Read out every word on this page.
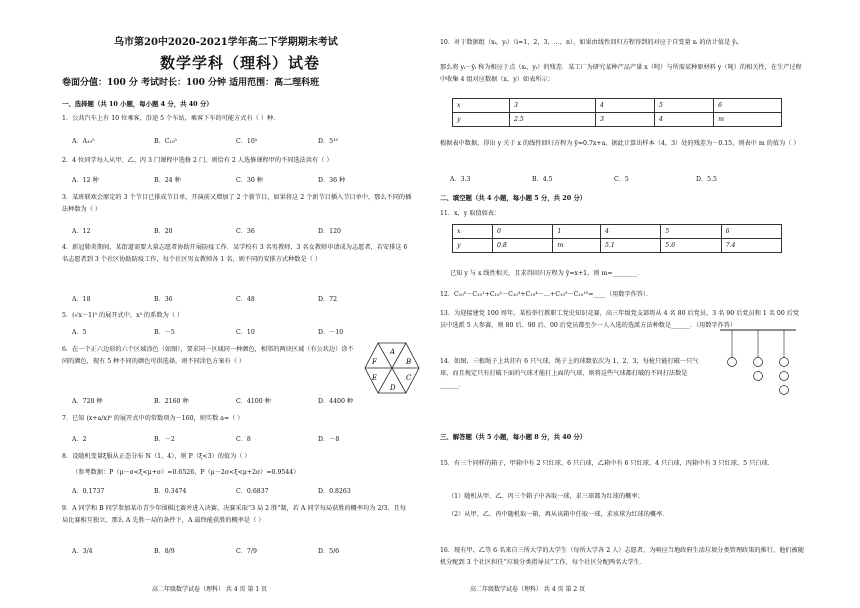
乌市第20中2020-2021学年高二下学期期末考试
数学学科（理科）试卷
卷面分值：100 分 考试时长：100 分钟 适用范围：高二理科班
一、选择题（共 10 小题，每小题 4 分，共 40 分）
1．公共汽车上有 10 位乘客，沿途 5 个车站，乘客下车的可能方式有（ ）种．
A．A₁₀⁵	B．C₁₀⁵	C．10⁵	D．5¹⁰
2．4 位同学每人从甲、乙、丙 3 门课程中选修 2 门，则恰有 2 人选修课程甲的不同选法共有（ ）
A．12 种	B．24 种	C．30 种	D．36 种
3．某班联欢会原定的 3 个节目已排成节目单，开演前又增加了 2 个新节目，如果将这 2 个新节目插入节目单中，那么不同的插法种数为（ ）
A．12	B．20	C．36	D．120
4．新冠肺炎期间，某街道需要大量志愿者协助开展防疫工作．某学校有 3 名男教师，3 名女教师申请成为志愿者，若安排这 6 名志愿者到 3 个社区协助防疫工作，每个社区男女教师各 1 名，则不同的安排方式种数是（ ）
A．18	B．36	C．48	D．72
5．(√x－1)⁵ 的展开式中，x² 的系数为（ ）
A．5	B．－5	C．10	D．－10
6．在一个正六边形的六个区域涂色（如图），要求同一区域同一种颜色，相邻的两块区域（有公共边）涂不同的颜色，现有 5 种不同的颜色可供选择，则不同涂色方案有（ ）
A
B
C
D
E
F
A．720 种	B．2160 种	C．4100 种	D．4400 种
7．已知 (x+a/x)⁶ 的展开式中的常数项为－160，则实数 a=（ ）
A．2	B．－2	C．8	D．－8
8．设随机变量ξ服从正态分布 N（1，4），则 P（ξ<3）的值为（ ）
（参考数据：P（μ－σ<ξ<μ+σ）=0.6526，P（μ－2σ<ξ<μ+2σ）=0.9544）
A．0.1737	B．0.3474	C．0.6837	D．0.8263
9．A 同学和 B 同学参加某市青少年围棋比赛并进入决赛，决赛采取“3 局 2 胜”制，若 A 同学每局获胜的概率均为 2/3，且每局比赛相互独立，那么 A 先胜一局的条件下，A 最终能获胜的概率是（ ）
A．3/4	B．8/9	C．7/9	D．5/6
高二年级数学试卷（理科） 共 4 页 第 1 页
10．对于数据组（xᵢ，yᵢ）（i=1，2，3，…，n），如果由线性回归方程得到的对应于自变量 xᵢ 的估计值是 ŷᵢ，
那么将 yᵢ－ŷᵢ 称为相应于点（xᵢ，yᵢ）的残差．某工厂为研究某种产品产量 x（吨）与所需某种原材料 y（吨）的相关性，在生产过程中收集 4 组对应数据（x，y）如表所示：
x	3	4	5	6
y	2.5	3	4	m
根据表中数据，得出 y 关于 x 的线性回归方程为 ŷ=0.7x+a，据此计算出样本（4，3）处的残差为－0.15，则表中 m 的值为（ ）
A．3.3	B．4.5	C．5	D．5.5
二、填空题（共 4 小题，每小题 5 分，共 20 分）
11．x，y 取值如表：
x	0	1	4	5	6
y	0.8	m	5.1	5.6	7.4
已知 y 与 x 线性相关，且求得回归方程为 ŷ=x+1，则 m=________．
12．C₁₀⁰－C₁₀¹+C₁₀²－C₁₀³+C₁₀⁴－…+C₁₀⁹－C₁₀¹⁰=____（用数字作答）．
13．为迎接建党 100 周年，某校举行教职工党史知识竞赛，高三年级党支部将从 4 名 80 后党员、3 名 90 后党员和 1 名 00 后党员中选派 5 人参赛，则 80 后、90 后、00 后党员都至少一人入选的选派方法种数是______．（用数字作答）
14．如图，三根绳子上共挂有 6 只气球，绳子上的球数依次为 1，2，3，每枪只能打破一只气球，而且规定只有打破下面的气球才能打上面的气球，则将这些气球都打破的不同打法数是______．
三、解答题（共 5 小题，每小题 8 分，共 40 分）
15．有三个同样的箱子，甲箱中有 2 只红球、6 只白球，乙箱中有 6 只红球、4 只白球，丙箱中有 3 只红球、5 只白球．
（1）随机从甲、乙、丙三个箱子中各取一球，求三球都为红球的概率；
（2）从甲、乙、丙中随机取一箱，再从该箱中任取一球，求该球为红球的概率．
16．现有甲、乙等 6 名来自三所大学的大学生（每所大学各 2 人）志愿者，为响应当地政府生活垃圾分类管理政策的推行，他们被随机分配到 3 个社区担任“垃圾分类指导员”工作，每个社区分配两名大学生．
高二年级数学试卷（理科） 共 4 页 第 2 页
